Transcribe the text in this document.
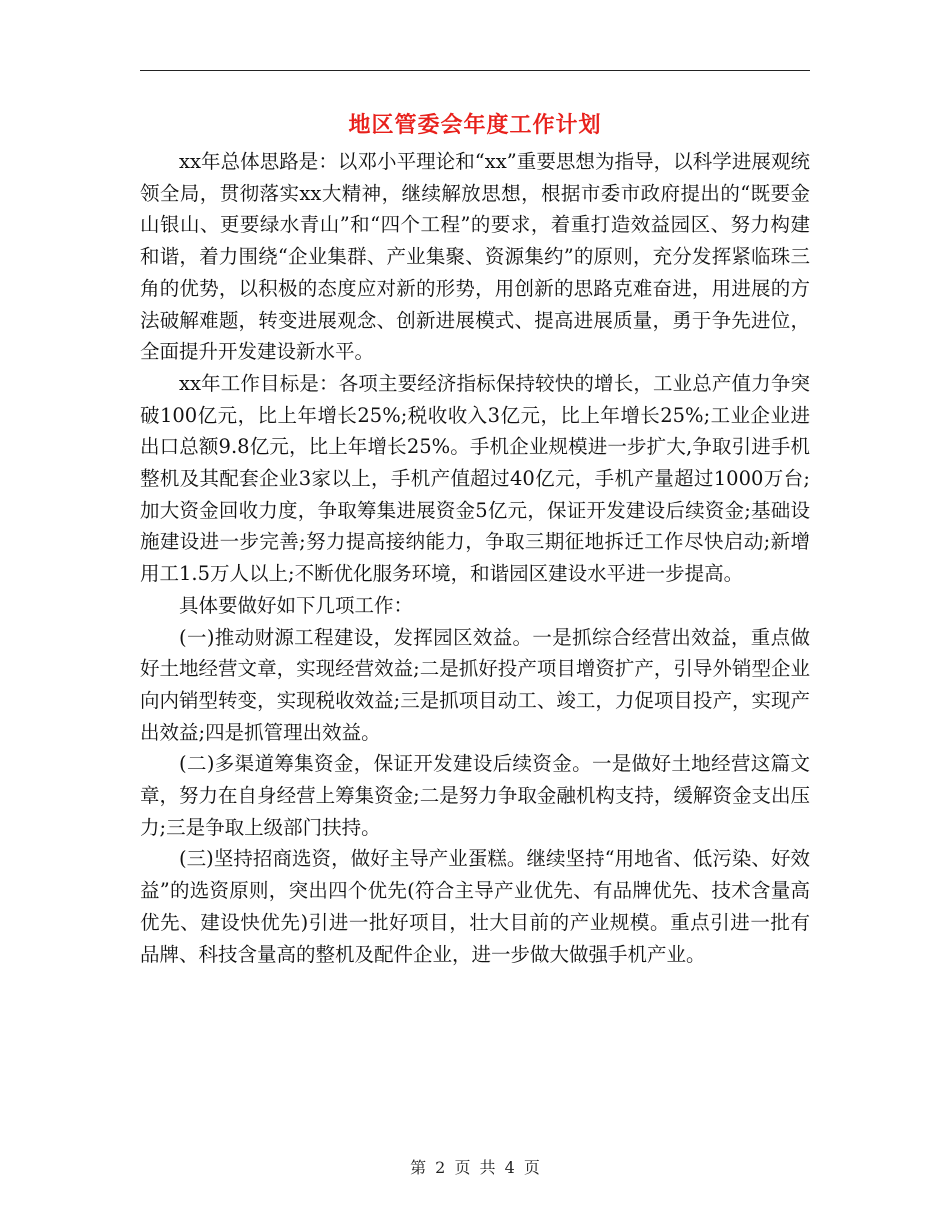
地区管委会年度工作计划

xx年总体思路是：以邓小平理论和“xx”重要思想为指导，以科学进展观统领全局，贯彻落实xx大精神，继续解放思想，根据市委市政府提出的“既要金山银山、更要绿水青山”和“四个工程”的要求，着重打造效益园区、努力构建和谐，着力围绕“企业集群、产业集聚、资源集约”的原则，充分发挥紧临珠三角的优势，以积极的态度应对新的形势，用创新的思路克难奋进，用进展的方法破解难题，转变进展观念、创新进展模式、提高进展质量，勇于争先进位，全面提升开发建设新水平。

xx年工作目标是：各项主要经济指标保持较快的增长，工业总产值力争突破100亿元，比上年增长25%;税收收入3亿元，比上年增长25%;工业企业进出口总额9.8亿元，比上年增长25%。手机企业规模进一步扩大,争取引进手机整机及其配套企业3家以上，手机产值超过40亿元，手机产量超过1000万台;加大资金回收力度，争取筹集进展资金5亿元，保证开发建设后续资金;基础设施建设进一步完善;努力提高接纳能力，争取三期征地拆迁工作尽快启动;新增用工1.5万人以上;不断优化服务环境，和谐园区建设水平进一步提高。

具体要做好如下几项工作：

(一)推动财源工程建设，发挥园区效益。一是抓综合经营出效益，重点做好土地经营文章，实现经营效益;二是抓好投产项目增资扩产，引导外销型企业向内销型转变，实现税收效益;三是抓项目动工、竣工，力促项目投产，实现产出效益;四是抓管理出效益。

(二)多渠道筹集资金，保证开发建设后续资金。一是做好土地经营这篇文章，努力在自身经营上筹集资金;二是努力争取金融机构支持，缓解资金支出压力;三是争取上级部门扶持。

(三)坚持招商选资，做好主导产业蛋糕。继续坚持“用地省、低污染、好效益”的选资原则，突出四个优先(符合主导产业优先、有品牌优先、技术含量高优先、建设快优先)引进一批好项目，壮大目前的产业规模。重点引进一批有品牌、科技含量高的整机及配件企业，进一步做大做强手机产业。

第 2 页 共 4 页
